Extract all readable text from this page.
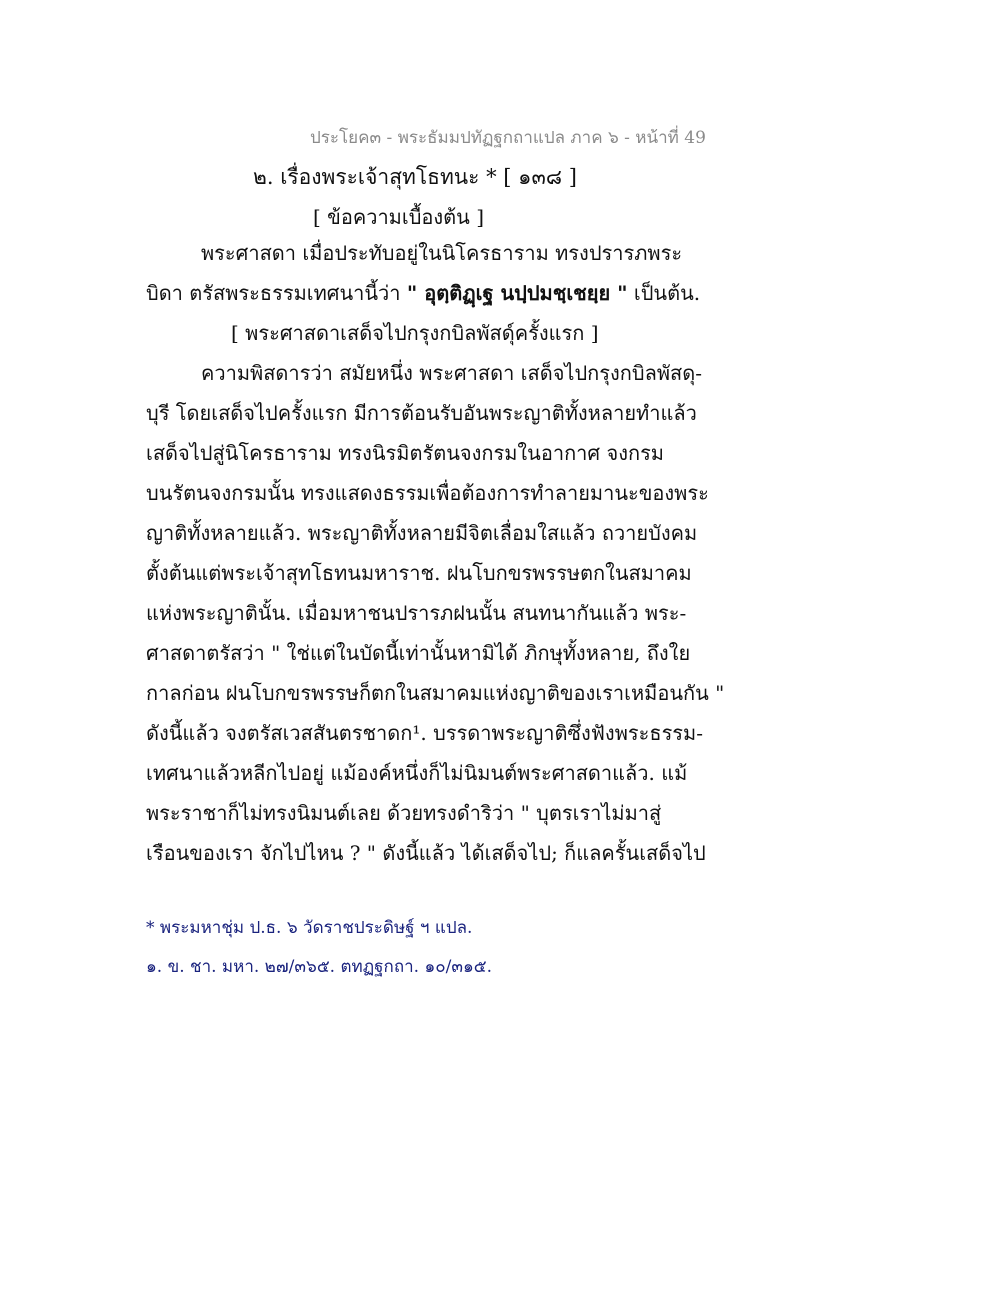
ประโยค๓ - พระธัมมปทัฏฐกถาแปล ภาค ๖ - หน้าที่ 49
๒. เรื่องพระเจ้าสุทโธทนะ * [ ๑๓๘ ]
[ ข้อความเบื้องต้น ]
พระศาสดา เมื่อประทับอยู่ในนิโครธาราม ทรงปรารภพระ
บิดา ตรัสพระธรรมเทศนานี้ว่า " อุตฺติฏฺเฐ นปฺปมชฺเชยฺย " เป็นต้น.
[ พระศาสดาเสด็จไปกรุงกบิลพัสดุ์ครั้งแรก ]
ความพิสดารว่า สมัยหนึ่ง พระศาสดา เสด็จไปกรุงกบิลพัสดุ-
บุรี โดยเสด็จไปครั้งแรก มีการต้อนรับอันพระญาติทั้งหลายทำแล้ว
เสด็จไปสู่นิโครธาราม ทรงนิรมิตรัตนจงกรมในอากาศ จงกรม
บนรัตนจงกรมนั้น ทรงแสดงธรรมเพื่อต้องการทำลายมานะของพระ
ญาติทั้งหลายแล้ว. พระญาติทั้งหลายมีจิตเลื่อมใสแล้ว ถวายบังคม
ตั้งต้นแต่พระเจ้าสุทโธทนมหาราช. ฝนโบกขรพรรษตกในสมาคม
แห่งพระญาตินั้น. เมื่อมหาชนปรารภฝนนั้น สนทนากันแล้ว พระ-
ศาสดาตรัสว่า " ใช่แต่ในบัดนี้เท่านั้นหามิได้ ภิกษุทั้งหลาย, ถึงใย
กาลก่อน ฝนโบกขรพรรษก็ตกในสมาคมแห่งญาติของเราเหมือนกัน "
ดังนี้แล้ว จงตรัสเวสสันตรชาดก¹. บรรดาพระญาติซึ่งฟังพระธรรม-
เทศนาแล้วหลีกไปอยู่ แม้องค์หนึ่งก็ไม่นิมนต์พระศาสดาแล้ว. แม้
พระราชาก็ไม่ทรงนิมนต์เลย ด้วยทรงดำริว่า " บุตรเราไม่มาสู่
เรือนของเรา จักไปไหน ? " ดังนี้แล้ว ได้เสด็จไป; ก็แลครั้นเสด็จไป
* พระมหาชุ่ม ป.ธ. ๖ วัดราชประดิษฐ์ ฯ แปล.
๑. ข. ชา. มหา. ๒๗/๓๖๕. ตทฏฐกถา. ๑๐/๓๑๕.
